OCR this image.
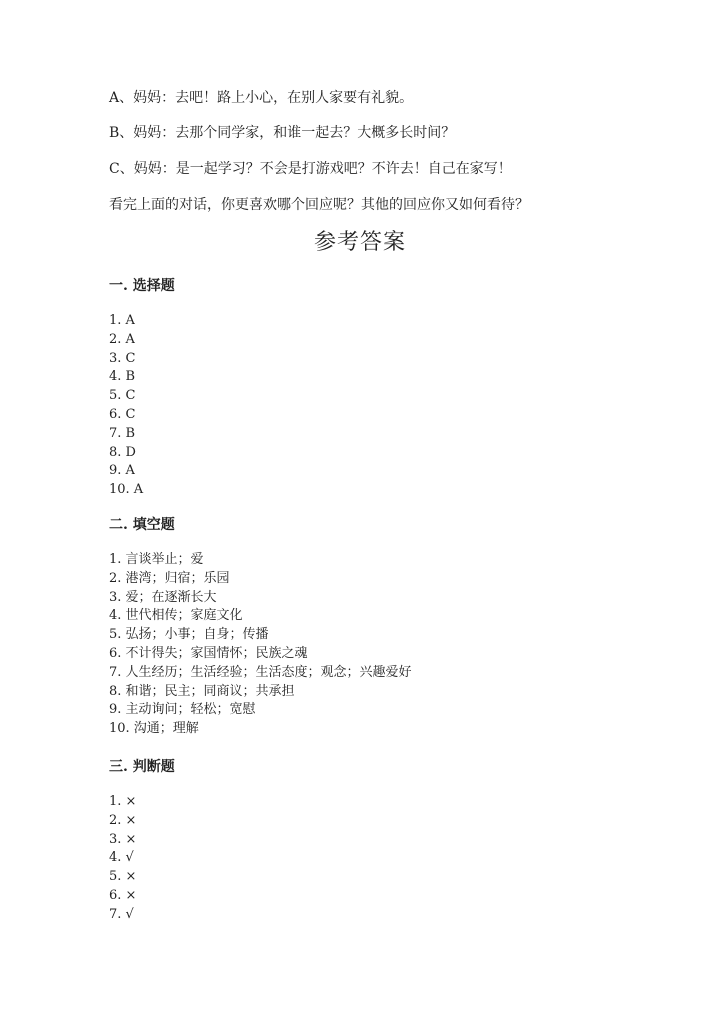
A、妈妈：去吧！路上小心，在别人家要有礼貌。
B、妈妈：去那个同学家，和谁一起去？大概多长时间？
C、妈妈：是一起学习？不会是打游戏吧？不许去！自己在家写！
看完上面的对话，你更喜欢哪个回应呢？其他的回应你又如何看待？
参考答案
一. 选择题
1. A
2. A
3. C
4. B
5. C
6. C
7. B
8. D
9. A
10. A
二. 填空题
1. 言谈举止；爱
2. 港湾；归宿；乐园
3. 爱；在逐渐长大
4. 世代相传；家庭文化
5. 弘扬；小事；自身；传播
6. 不计得失；家国情怀；民族之魂
7. 人生经历；生活经验；生活态度；观念；兴趣爱好
8. 和谐；民主；同商议；共承担
9. 主动询问；轻松；宽慰
10. 沟通；理解
三. 判断题
1. ×
2. ×
3. ×
4. √
5. ×
6. ×
7. √
